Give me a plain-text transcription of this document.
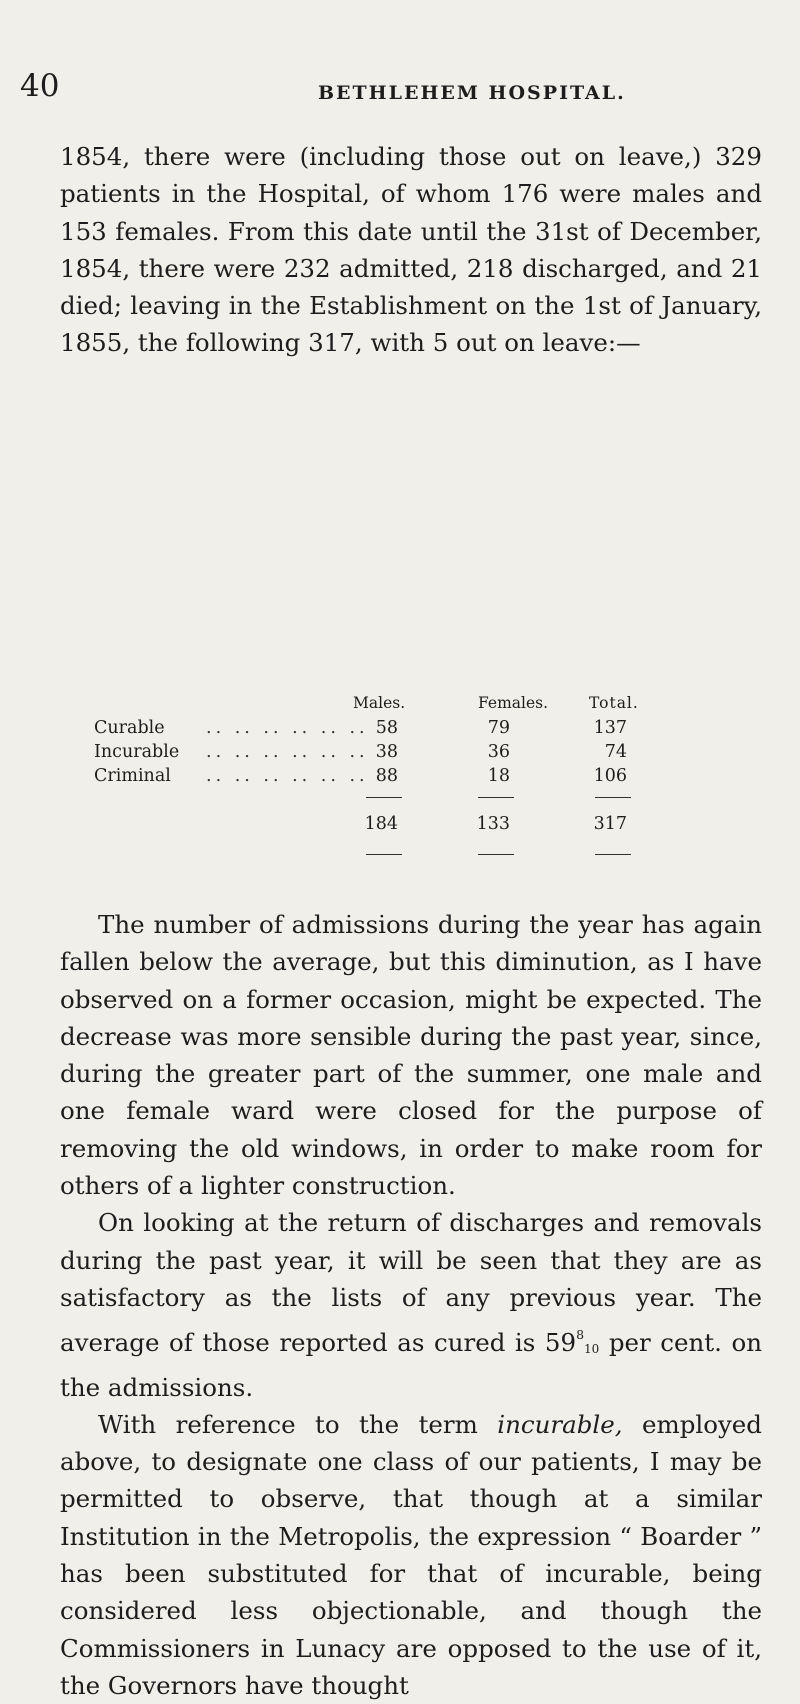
40	BETHLEHEM HOSPITAL.

1854, there were (including those out on leave,) 329 patients in the Hospital, of whom 176 were males and 153 females. From this date until the 31st of December, 1854, there were 232 admitted, 218 discharged, and 21 died; leaving in the Establishment on the 1st of January, 1855, the following 317, with 5 out on leave:—

Males.	Females.	Total.
Curable .. .. .. .. .. .. 58	79	137
Incurable .. .. .. .. .. .. 38	36	74
Criminal .. .. .. .. .. .. 88	18	106
184	133	317

The number of admissions during the year has again fallen below the average, but this diminution, as I have observed on a former occasion, might be expected. The decrease was more sensible during the past year, since, during the greater part of the summer, one male and one female ward were closed for the purpose of removing the old windows, in order to make room for others of a lighter construction.

On looking at the return of discharges and removals during the past year, it will be seen that they are as satisfactory as the lists of any previous year. The average of those reported as cured is $59^{^8_{10}}$ per cent. on the admissions.

With reference to the term incurable, employed above, to designate one class of our patients, I may be permitted to observe, that though at a similar Institution in the Metropolis, the expression “ Boarder ” has been substituted for that of incurable, being considered less objectionable, and though the Commissioners in Lunacy are opposed to the use of it, the Governors have thought
